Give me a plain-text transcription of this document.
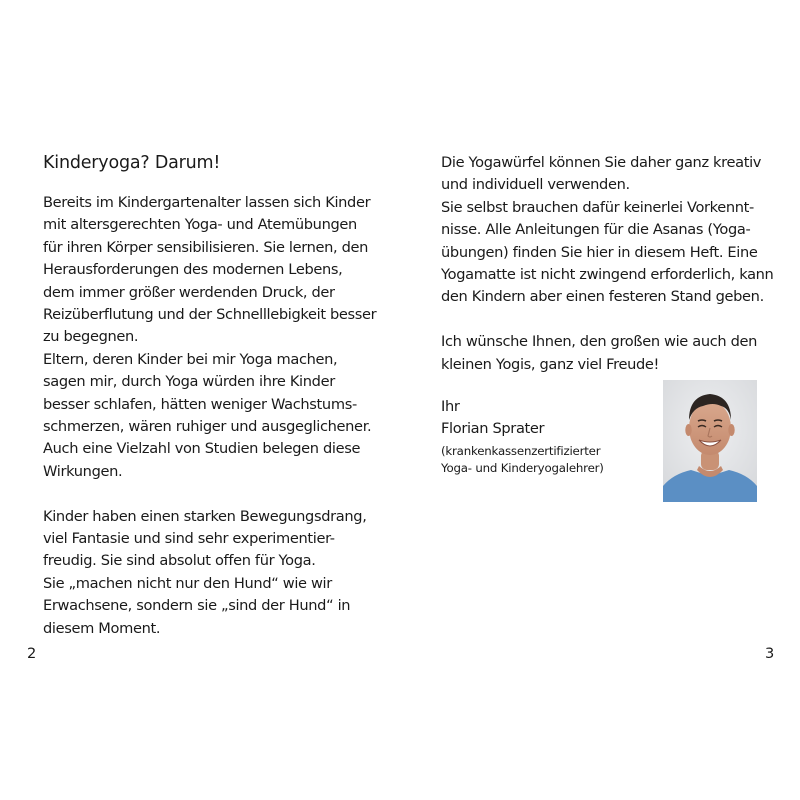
Kinderyoga? Darum!
Bereits im Kindergartenalter lassen sich Kinder
mit altersgerechten Yoga- und Atemübungen
für ihren Körper sensibilisieren. Sie lernen, den
Herausforderungen des modernen Lebens,
dem immer größer werdenden Druck, der
Reizüberflutung und der Schnelllebigkeit besser
zu begegnen.
Eltern, deren Kinder bei mir Yoga machen,
sagen mir, durch Yoga würden ihre Kinder
besser schlafen, hätten weniger Wachstums-
schmerzen, wären ruhiger und ausgeglichener.
Auch eine Vielzahl von Studien belegen diese
Wirkungen.
Kinder haben einen starken Bewegungsdrang,
viel Fantasie und sind sehr experimentier-
freudig. Sie sind absolut offen für Yoga.
Sie „machen nicht nur den Hund“ wie wir
Erwachsene, sondern sie „sind der Hund“ in
diesem Moment.
2
Die Yogawürfel können Sie daher ganz kreativ
und individuell verwenden.
Sie selbst brauchen dafür keinerlei Vorkennt-
nisse. Alle Anleitungen für die Asanas (Yoga-
übungen) finden Sie hier in diesem Heft. Eine
Yogamatte ist nicht zwingend erforderlich, kann
den Kindern aber einen festeren Stand geben.
Ich wünsche Ihnen, den großen wie auch den
kleinen Yogis, ganz viel Freude!
Ihr
Florian Sprater
(krankenkassenzertifizierter
Yoga- und Kinderyogalehrer)
3
